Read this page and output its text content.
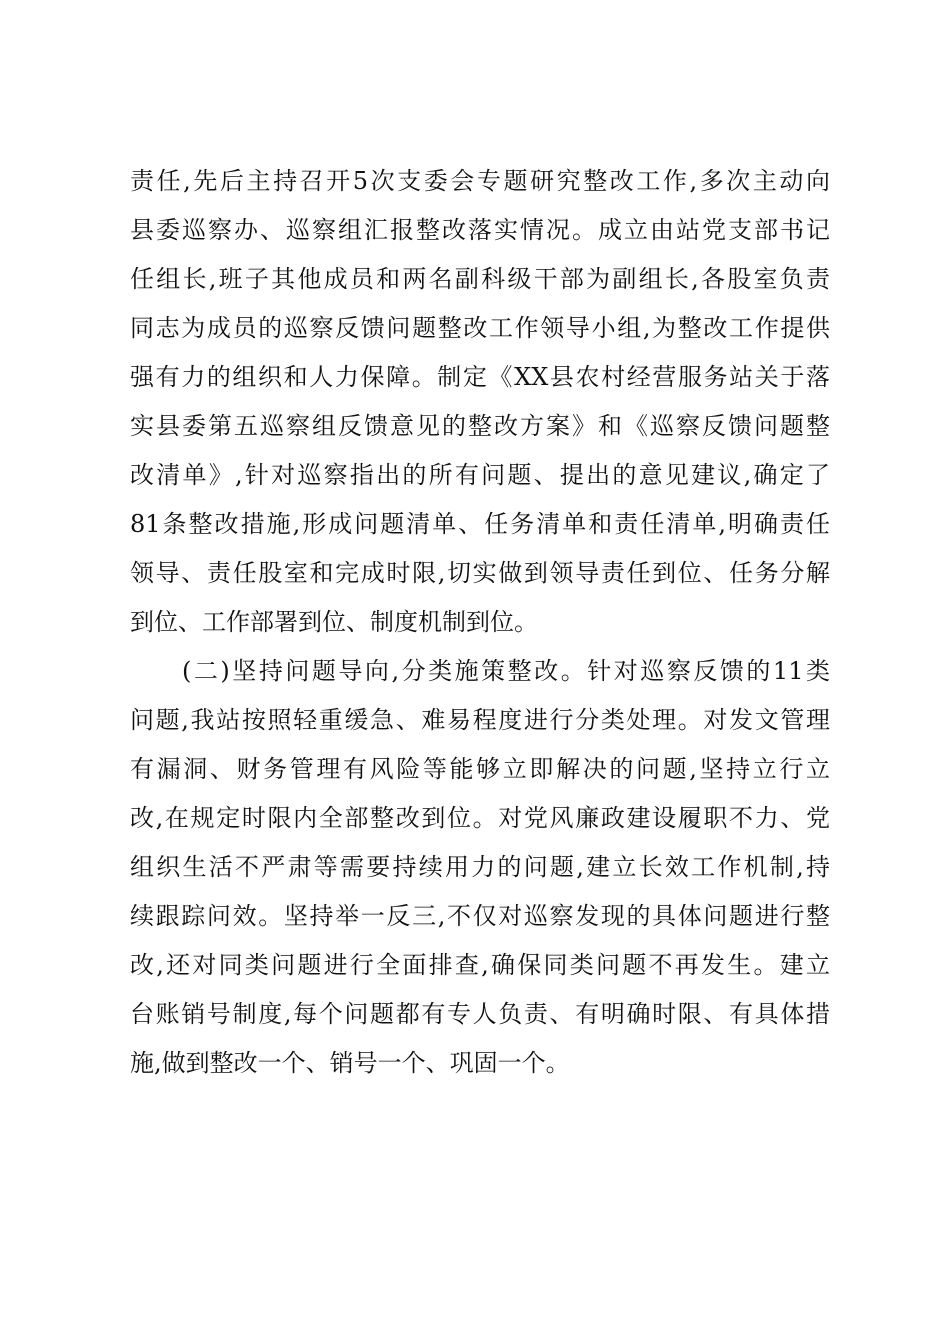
责任,先后主持召开5次支委会专题研究整改工作,多次主动向
县委巡察办、巡察组汇报整改落实情况。成立由站党支部书记
任组长,班子其他成员和两名副科级干部为副组长,各股室负责
同志为成员的巡察反馈问题整改工作领导小组,为整改工作提供
强有力的组织和人力保障。制定《XX县农村经营服务站关于落
实县委第五巡察组反馈意见的整改方案》和《巡察反馈问题整
改清单》,针对巡察指出的所有问题、提出的意见建议,确定了
81条整改措施,形成问题清单、任务清单和责任清单,明确责任
领导、责任股室和完成时限,切实做到领导责任到位、任务分解
到位、工作部署到位、制度机制到位。
(二)坚持问题导向,分类施策整改。针对巡察反馈的11类
问题,我站按照轻重缓急、难易程度进行分类处理。对发文管理
有漏洞、财务管理有风险等能够立即解决的问题,坚持立行立
改,在规定时限内全部整改到位。对党风廉政建设履职不力、党
组织生活不严肃等需要持续用力的问题,建立长效工作机制,持
续跟踪问效。坚持举一反三,不仅对巡察发现的具体问题进行整
改,还对同类问题进行全面排查,确保同类问题不再发生。建立
台账销号制度,每个问题都有专人负责、有明确时限、有具体措
施,做到整改一个、销号一个、巩固一个。
